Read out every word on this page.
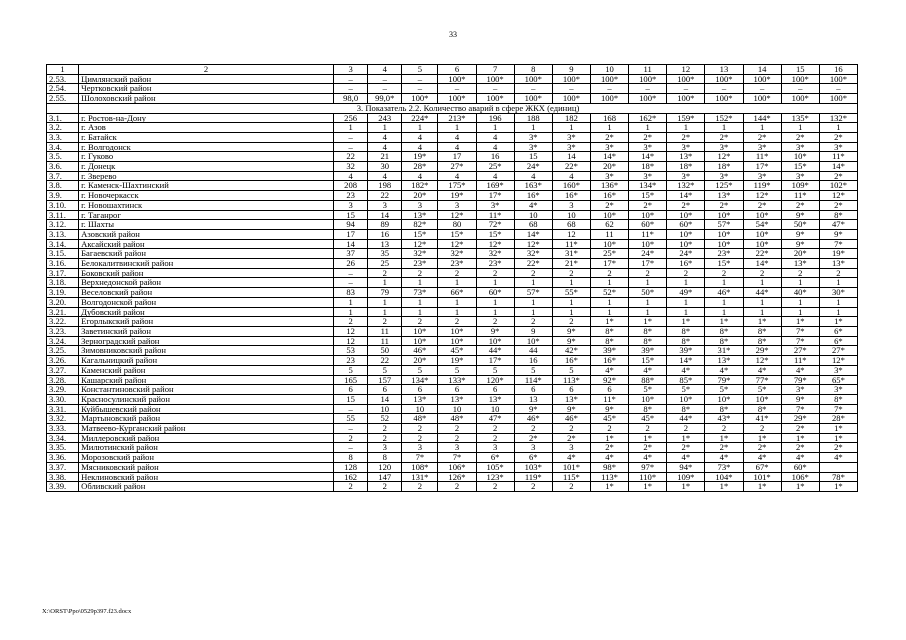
33
1	2	3	4	5	6	7	8	9	10	11	12	13	14	15	16
2.53.	Цимлянский район	–	–	–	100*	100*	100*	100*	100*	100*	100*	100*	100*	100*	100*
2.54.	Чертковский район	–	–	–	–	–	–	–	–	–	–	–	–	–	–
2.55.	Шолоховский район	98,0	99,0*	100*	100*	100*	100*	100*	100*	100*	100*	100*	100*	100*	100*
	3. Показатель 2.2. Количество аварий в сфере ЖКХ (единиц)														
3.1.	г. Ростов-на-Дону	256	243	224*	213*	196	188	182	168	162*	159*	152*	144*	135*	132*
3.2.	г. Азов	1	1	1	1	1	1	1	1	1	1	1	1	1	1
3.3.	г. Батайск	–	4	4	4	4	3*	3*	2*	2*	2*	2*	2*	2*	2*
3.4.	г. Волгодонск	–	4	4	4	4	3*	3*	3*	3*	3*	3*	3*	3*	3*
3.5.	г. Гуково	22	21	19*	17	16	15	14	14*	14*	13*	12*	11*	10*	11*
3.6.	г. Донецк	32	30	28*	27*	25*	24*	22*	20*	18*	18*	18*	17*	15*	14*
3.7.	г. Зверево	4	4	4	4	4	4	4	3*	3*	3*	3*	3*	3*	2*
3.8.	г. Каменск-Шахтинский	208	198	182*	175*	169*	163*	160*	136*	134*	132*	125*	119*	109*	102*
3.9.	г. Новочеркасск	23	22	20*	19*	17*	16*	16*	16*	15*	14*	13*	12*	11*	12*
3.10.	г. Новошахтинск	3	3	3	3	3*	4*	3	2*	2*	2*	2*	2*	2*	2*
3.11.	г. Таганрог	15	14	13*	12*	11*	10	10	10*	10*	10*	10*	10*	9*	8*
3.12.	г. Шахты	94	89	82*	80	72*	68	68	62	60*	60*	57*	54*	50*	47*
3.13.	Азовский район	17	16	15*	15*	15*	14*	12	11	11*	10*	10*	10*	9*	9*
3.14.	Аксайский район	14	13	12*	12*	12*	12*	11*	10*	10*	10*	10*	10*	9*	7*
3.15.	Багаевский район	37	35	32*	32*	32*	32*	31*	25*	24*	24*	23*	22*	20*	19*
3.16.	Белокалитвинский район	26	25	23*	23*	23*	22*	21*	17*	17*	16*	15*	14*	13*	13*
3.17.	Боковский район	–	2	2	2	2	2	2	2	2	2	2	2	2	2
3.18.	Верхнедонской район	–	1	1	1	1	1	1	1	1	1	1	1	1	1
3.19.	Веселовский район	83	79	73*	66*	60*	57*	55*	52*	50*	49*	46*	44*	40*	30*
3.20.	Волгодонской район	1	1	1	1	1	1	1	1	1	1	1	1	1	1
3.21.	Дубовский район	1	1	1	1	1	1	1	1	1	1	1	1	1	1
3.22.	Егорлыкский район	2	2	2	2	2	2	2	1*	1*	1*	1*	1*	1*	1*
3.23.	Заветинский район	12	11	10*	10*	9*	9	9*	8*	8*	8*	8*	8*	7*	6*
3.24.	Зерноградский район	12	11	10*	10*	10*	10*	9*	8*	8*	8*	8*	8*	7*	6*
3.25.	Зимовниковский район	53	50	46*	45*	44*	44	42*	39*	39*	39*	31*	29*	27*	27*
3.26.	Кагальницкий район	23	22	20*	19*	17*	16	16*	16*	15*	14*	13*	12*	11*	12*
3.27.	Каменский район	5	5	5	5	5	5	5	4*	4*	4*	4*	4*	4*	3*
3.28.	Кашарский район	165	157	134*	133*	120*	114*	113*	92*	88*	85*	79*	77*	79*	65*
3.29.	Константиновский район	6	6	6	6	6	6	6	6	5*	5*	5*	5*	3*	3*
3.30.	Красносулинский район	15	14	13*	13*	13*	13	13*	11*	10*	10*	10*	10*	9*	8*
3.31.	Куйбышевский район	–	10	10	10	10	9*	9*	9*	8*	8*	8*	8*	7*	7*
3.32.	Мартыновский район	55	52	48*	48*	47*	46*	46*	45*	45*	44*	43*	41*	29*	28*
3.33.	Матвеево-Курганский район	–	2	2	2	2	2	2	2	2	2	2	2	2*	1*
3.34.	Миллеровский район	2	2	2	2	2	2*	2*	1*	1*	1*	1*	1*	1*	1*
3.35.	Милютинский район	–	3	3	3	3	3	3	2*	2*	2*	2*	2*	2*	2*
3.36.	Морозовский район	8	8	7*	7*	6*	6*	4*	4*	4*	4*	4*	4*	4*	4*
3.37.	Мясниковский район	128	120	108*	106*	105*	103*	101*	98*	97*	94*	73*	67*	60*	
3.38.	Неклиновский район	162	147	131*	126*	123*	119*	115*	113*	110*	109*	104*	101*	106*	78*
3.39.	Обливский район	2	2	2	2	2	2	2	1*	1*	1*	1*	1*	1*	1*
X:\ORST\Ppo\0529p397.f23.docx
